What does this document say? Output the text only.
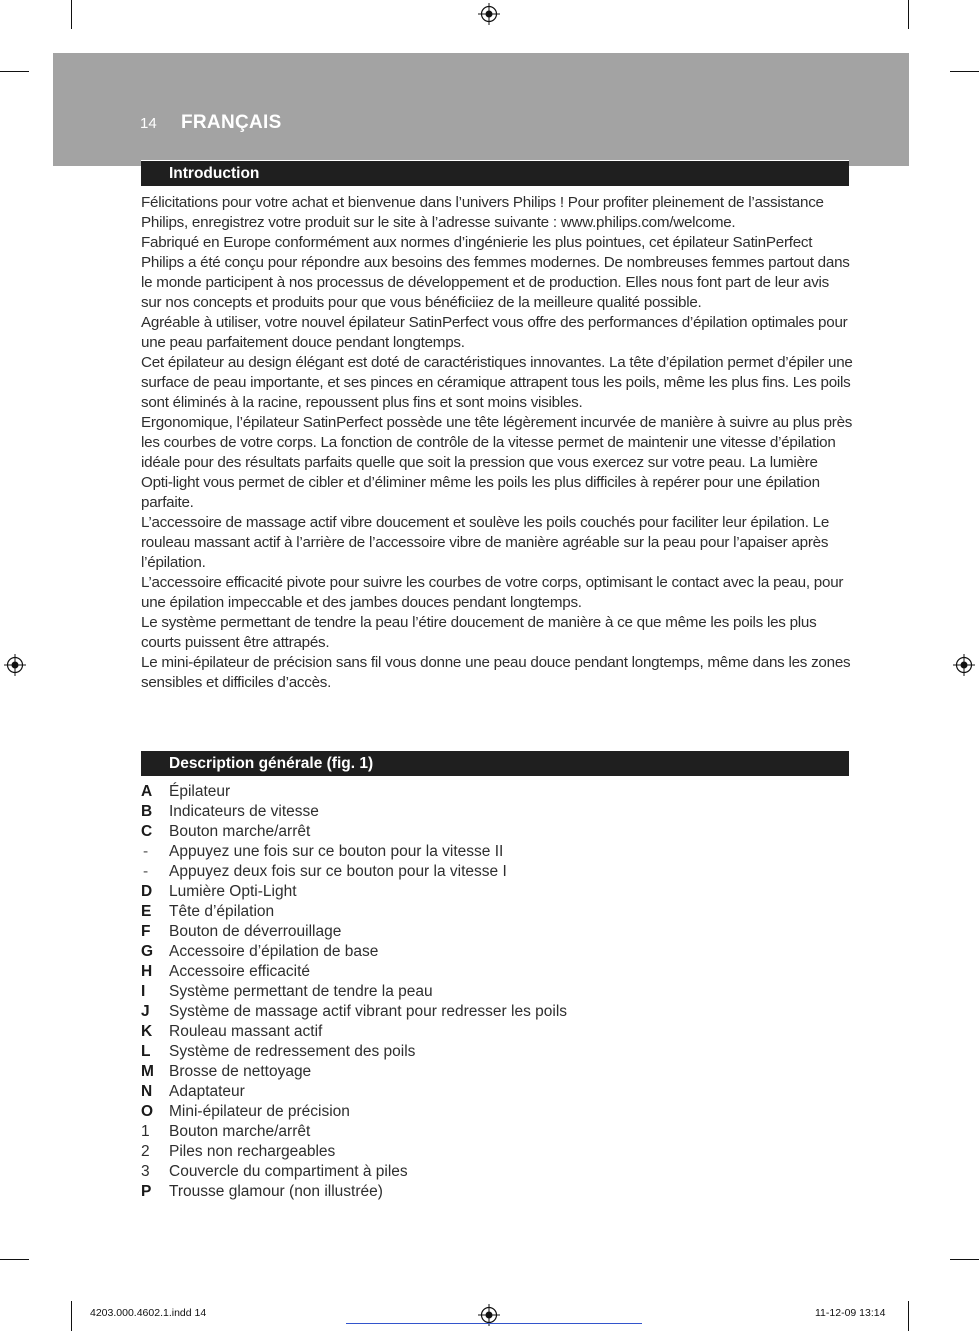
14 FRANÇAIS
Introduction

Félicitations pour votre achat et bienvenue dans l’univers Philips ! Pour profiter pleinement de l’assistance Philips, enregistrez votre produit sur le site à l’adresse suivante : www.philips.com/welcome.

Fabriqué en Europe conformément aux normes d’ingénierie les plus pointues, cet épilateur SatinPerfect Philips a été conçu pour répondre aux besoins des femmes modernes. De nombreuses femmes partout dans le monde participent à nos processus de développement et de production. Elles nous font part de leur avis sur nos concepts et produits pour que vous bénéficiiez de la meilleure qualité possible.

Agréable à utiliser, votre nouvel épilateur SatinPerfect vous offre des performances d’épilation optimales pour une peau parfaitement douce pendant longtemps.

Cet épilateur au design élégant est doté de caractéristiques innovantes. La tête d’épilation permet d’épiler une surface de peau importante, et ses pinces en céramique attrapent tous les poils, même les plus fins. Les poils sont éliminés à la racine, repoussent plus fins et sont moins visibles.

Ergonomique, l’épilateur SatinPerfect possède une tête légèrement incurvée de manière à suivre au plus près les courbes de votre corps. La fonction de contrôle de la vitesse permet de maintenir une vitesse d’épilation idéale pour des résultats parfaits quelle que soit la pression que vous exercez sur votre peau. La lumière Opti-light vous permet de cibler et d’éliminer même les poils les plus difficiles à repérer pour une épilation parfaite.

L’accessoire de massage actif vibre doucement et soulève les poils couchés pour faciliter leur épilation. Le rouleau massant actif à l’arrière de l’accessoire vibre de manière agréable sur la peau pour l’apaiser après l’épilation.

L’accessoire efficacité pivote pour suivre les courbes de votre corps, optimisant le contact avec la peau, pour une épilation impeccable et des jambes douces pendant longtemps.

Le système permettant de tendre la peau l’étire doucement de manière à ce que même les poils les plus courts puissent être attrapés.

Le mini-épilateur de précision sans fil vous donne une peau douce pendant longtemps, même dans les zones sensibles et difficiles d’accès.

Description générale (fig. 1)
A	Épilateur
B	Indicateurs de vitesse
C	Bouton marche/arrêt
-	Appuyez une fois sur ce bouton pour la vitesse II
-	Appuyez deux fois sur ce bouton pour la vitesse I
D	Lumière Opti-Light
E	Tête d’épilation
F	Bouton de déverrouillage
G	Accessoire d’épilation de base
H	Accessoire efficacité
I	Système permettant de tendre la peau
J	Système de massage actif vibrant pour redresser les poils
K	Rouleau massant actif
L	Système de redressement des poils
M Brosse de nettoyage
N	Adaptateur
O	Mini-épilateur de précision
1	Bouton marche/arrêt
2	Piles non rechargeables
3	Couvercle du compartiment à piles
P	Trousse glamour (non illustrée)
4203.000.4602.1.indd 14	11-12-09 13:14
